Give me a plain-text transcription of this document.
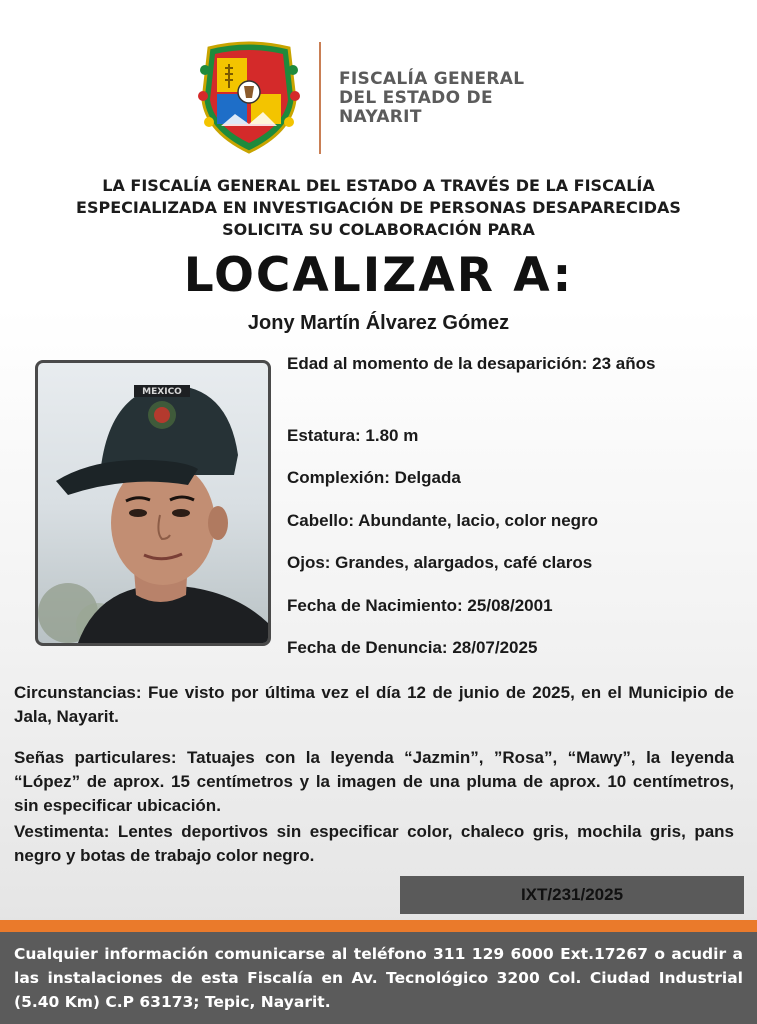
FISCALÍA GENERAL
DEL ESTADO DE
NAYARIT
LA FISCALÍA GENERAL DEL ESTADO A TRAVÉS DE LA FISCALÍA
ESPECIALIZADA EN INVESTIGACIÓN DE PERSONAS DESAPARECIDAS
SOLICITA SU COLABORACIÓN PARA
LOCALIZAR A:
Jony Martín Álvarez Gómez
MEXICO
Edad al momento de la desaparición: 23 años
Estatura: 1.80 m
Complexión: Delgada
Cabello: Abundante, lacio, color negro
Ojos: Grandes, alargados, café claros
Fecha de Nacimiento: 25/08/2001
Fecha de Denuncia: 28/07/2025
Circunstancias: Fue visto por última vez el día 12 de junio de 2025, en el Municipio de Jala, Nayarit.
Señas particulares: Tatuajes con la leyenda “Jazmin”, ”Rosa”, “Mawy”, la leyenda “López” de aprox. 15 centímetros y la imagen de una pluma de aprox. 10 centímetros, sin especificar ubicación.
Vestimenta: Lentes deportivos sin especificar color, chaleco gris, mochila gris, pans negro y botas de trabajo color negro.
IXT/231/2025

Cualquier información comunicarse al teléfono 311 129 6000 Ext.17267 o acudir a las instalaciones de esta Fiscalía en Av. Tecnológico 3200 Col. Ciudad Industrial (5.40 Km) C.P 63173; Tepic, Nayarit.
